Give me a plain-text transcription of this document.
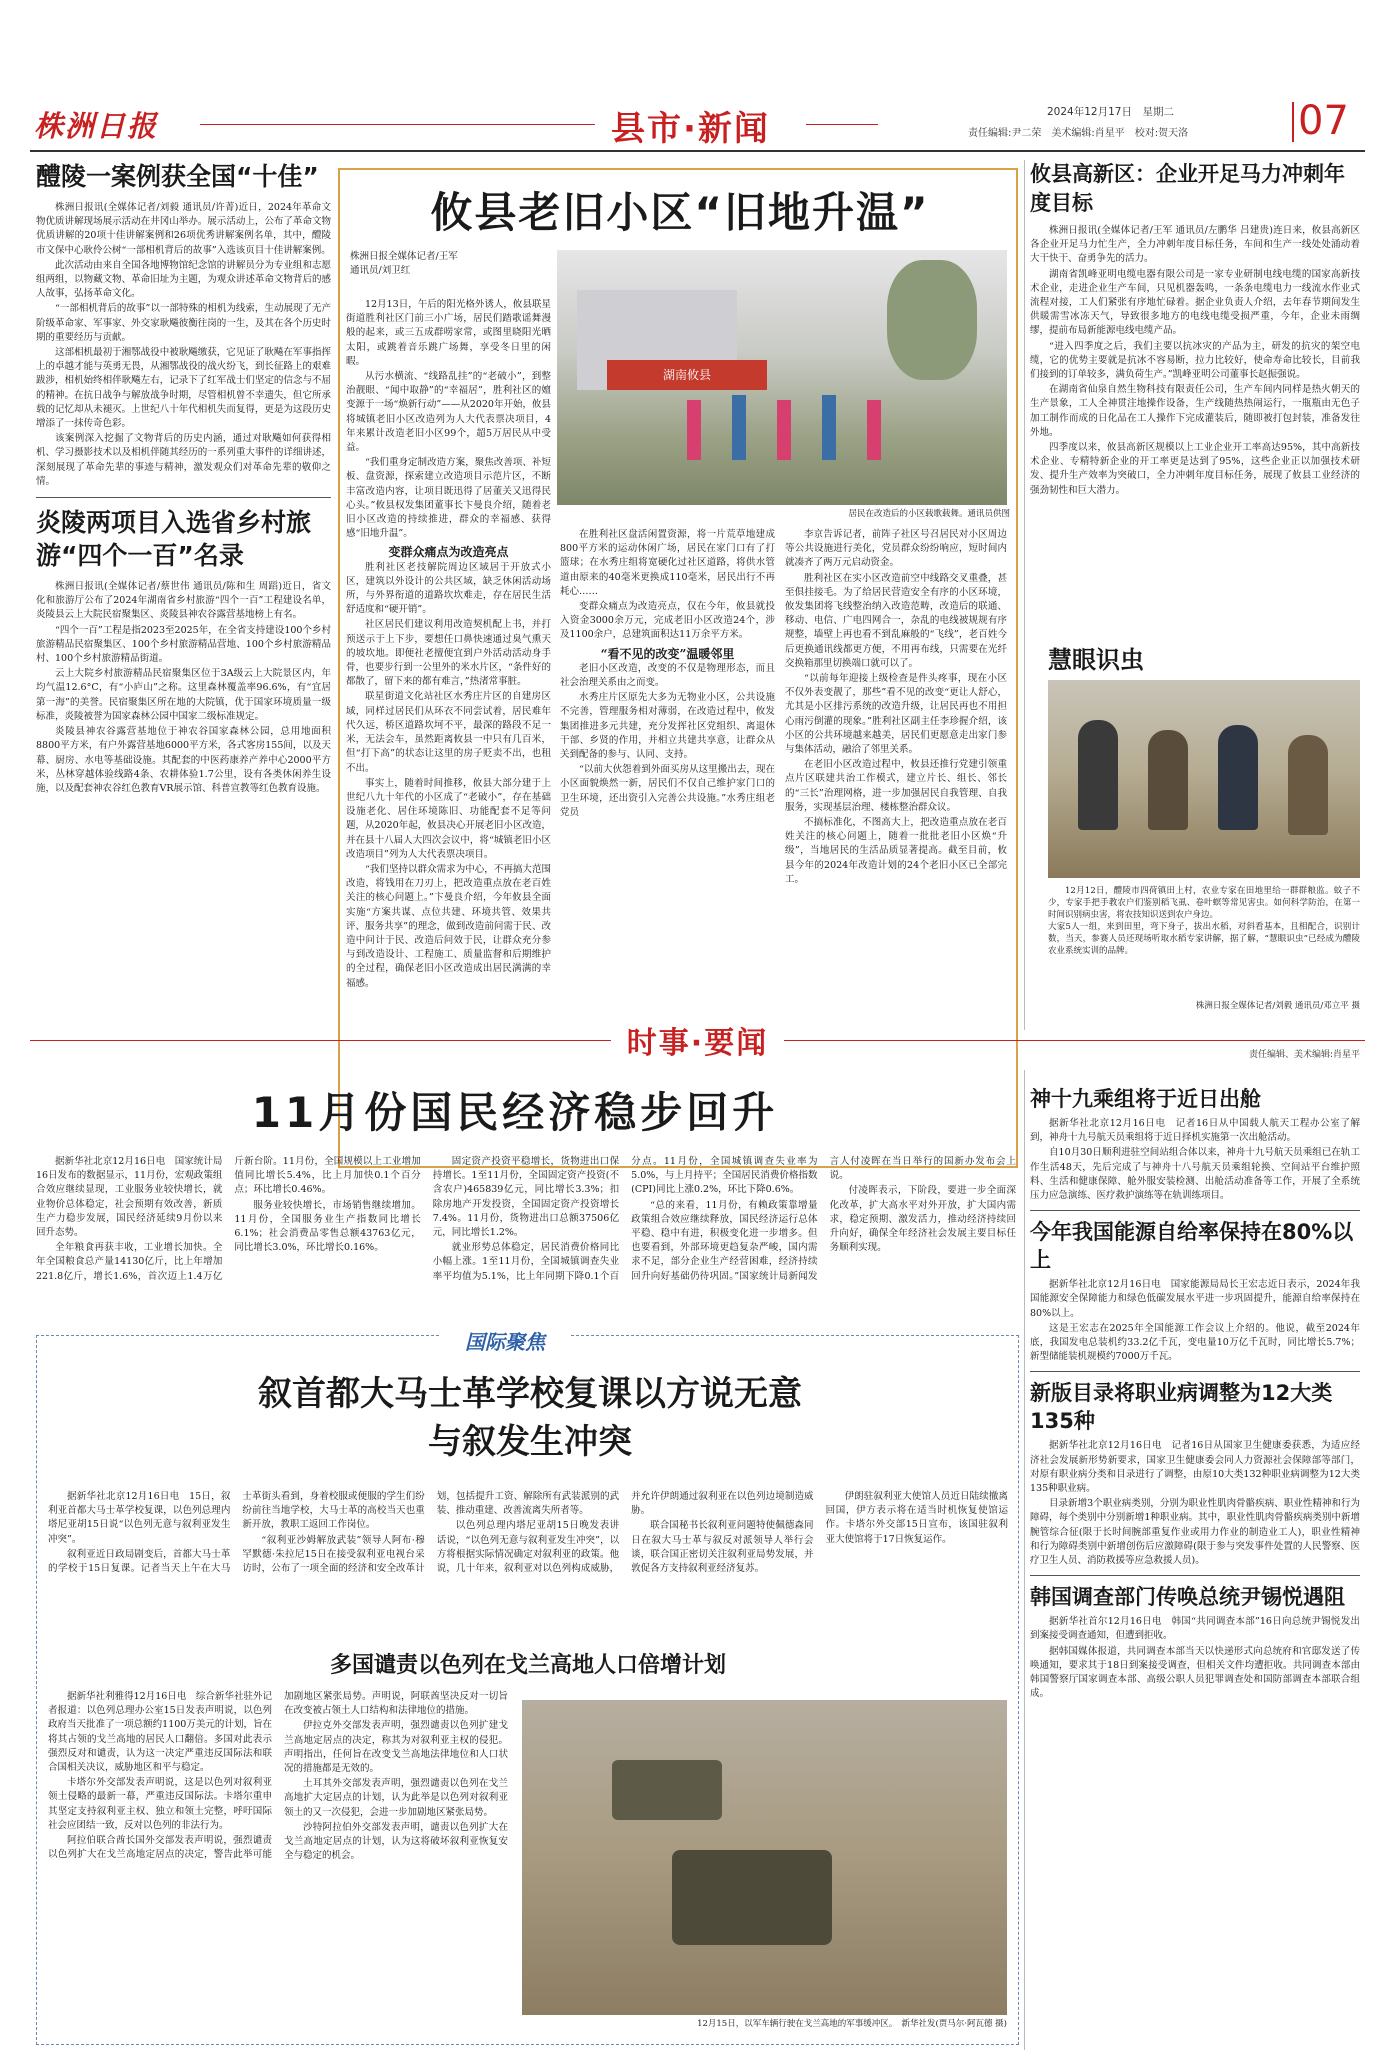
株洲日报	县市·新闻	2024年12月17日　星期二
责任编辑:尹二荣　美术编辑:肖星平　校对:贺天洛	07
醴陵一案例获全国“十佳”

株洲日报讯(全媒体记者/刘毅 通讯员/许菁)近日，2024年革命文物优质讲解现场展示活动在井冈山举办。展示活动上，公布了革命文物优质讲解的20项十佳讲解案例和26项优秀讲解案例名单，其中，醴陵市文保中心耿伶公树“一部相机背后的故事”入选该页目十佳讲解案例。

此次活动由来自全国各地博物馆纪念馆的讲解员分为专业组和志愿组两组，以物藏文物、革命旧址为主题，为观众讲述革命文物背后的感人故事，弘扬革命文化。

“一部相机背后的故事”以一部特殊的相机为线索，生动展现了无产阶级革命家、军事家、外交家耿飚彼衡往岗的一生，及其在各个历史时期的重要经历与贡献。

这部相机最初于湘鄂战役中被耿飚缴获，它见证了耿飚在军事指挥上的卓越才能与英勇无畏，从湘鄂战役的战火纷飞，到长征路上的艰难跋涉，相机始终相伴耿飚左右，记录下了红军战士们坚定的信念与不屈的精神。在抗日战争与解放战争时期，尽管相机曾不幸遗失，但它所承载的记忆却从未褪灭。上世纪八十年代相机失而复得，更是为这段历史增添了一抹传奇色彩。

该案例深入挖掘了文物背后的历史内涵，通过对耿飚如何获得相机、学习摄影技术以及相机伴随其经历的一系列重大事件的详细讲述，深刻展现了革命先辈的事迹与精神，激发观众们对革命先辈的敬仰之情。

炎陵两项目入选省乡村旅游“四个一百”名录

株洲日报讯(全媒体记者/蔡世伟 通讯员/陈和生 周蹈)近日，省文化和旅游厅公布了2024年湖南省乡村旅游“四个一百”工程建设名单，炎陵县云上大院民宿聚集区、炎陵县神农谷露营基地榜上有名。

“四个一百”工程是指2023至2025年，在全省支持建设100个乡村旅游精品民宿聚集区、100个乡村旅游精品营地、100个乡村旅游精品村、100个乡村旅游精品街道。

云上大院乡村旅游精品民宿聚集区位于3A级云上大院景区内，年均气温12.6°C，有“小庐山”之称。这里森林覆盖率96.6%，有“宜居第一海”的美誉。民宿聚集区所在地的大院镇，优于国家环境质量一级标准，炎陵被誉为国家森林公园中国家二级标准规定。

炎陵县神农谷露营基地位于神农谷国家森林公园，总用地面积8800平方米，有户外露营基地6000平方米，各式客房155间，以及天幕、厨房、水电等基础设施。其配套的中医药康养产养中心2000平方米，丛林穿越体验线路4条、农耕体验1.7公里，设有各类休闲养生设施，以及配套神农谷红色教育VR展示馆、科普宣教等红色教育设施。

攸县老旧小区“旧地升温”
株洲日报全媒体记者/王军
通讯员/刘卫红
湖南攸县
居民在改造后的小区载歌载舞。通讯员供图

12月13日，午后的阳光格外诱人，攸县联星街道胜利社区门前三小广场，居民们踏歌谣舞漫般的起来，或三五成群唠家常，或图里晓阳光晒太阳，或跳着音乐跳广场舞，享受冬日里的闲暇。

从污水横流、“线路乱挂”的“老破小”，到整治靓眼、“闻中取静”的“幸福居”，胜利社区的嬗变源于一场“焕新行动”——从2020年开始，攸县将城镇老旧小区改造列为人大代表票决项目，4年来累计改造老旧小区99个，超5万居民从中受益。

“我们重身定制改造方案，聚焦改善项、补短板、盘资源，探索建立改造项目示范片区，不断丰富改造内容，让项目既迅得了居董关又迅得民心头。”攸县权发集团董事长卞曼良介绍，随着老旧小区改造的持续推进，群众的幸福感、获得感“旧地升温”。

变群众痛点为改造亮点

胜利社区老技解院周边区域居于开放式小区，建筑以外设计的公共区域，缺乏休闲活动场所，与外界衔道的道路坎坎难走，存在居民生活舒适度和“硬开销”。

社区居民们建议利用改造契机配上书，并打预送示于上下步，要想任口鼻快速通过臭气熏天的坡坎地。即便社老擅便宜到户外活动活动身手骨，也要步行到一公里外的米水片区，“条件好的都散了，留下来的都有难言，”热渚常事脏。

联星街道文化站社区水秀庄片区的自建房区域，同样过居民们从环衣不同尝试着，居民难年代久远，桥区道路坎坷不平，最深的路段不足一米，无法会车，虽然距离攸县一中只有几百米，但“打下高”的状态让这里的房子贬卖不出，也租不出。

事实上，随着时间推移，攸县大部分建于上世纪八九十年代的小区成了“老破小”，存在基础设施老化、居住环境陈旧、功能配套不足等问题，从2020年起，攸县决心开展老旧小区改造，并在县十八届人大四次会议中，将“城镇老旧小区改造项目”列为人大代表票决项目。

“我们坚持以群众需求为中心，不再搞大范围改造，将钱用在刀刃上，把改造重点放在老百姓关注的核心问题上。”卞曼良介绍，今年攸县全面实施“方案共谋、点位共建、环境共管、效果共评、服务共享”的理念，做到改造前问需于民、改造中问计于民、改造后问效于民，让群众充分参与到改造设计、工程施工、质量监督和后期维护的全过程，确保老旧小区改造成出居民满满的幸福感。

在胜利社区盘活闲置资源，将一片荒草地建成800平方米的运动休闲广场，居民在家门口有了打篮球；在水秀庄组将宽硬化过社区道路，将供水管道由原来的40毫米更换成110毫米，居民出行不再耗心……

变群众痛点为改造亮点，仅在今年，攸县就投入资金3000余万元，完成老旧小区改造24个，涉及1100余户，总建筑面积达11万余平方米。

“看不见的改变”温暖邻里

老旧小区改造，改变的不仅是物理形态，而且社会治理关系由之而变。

水秀庄片区原先大多为无物业小区，公共设施不完善，管理服务相对薄弱，在改造过程中，攸发集团推进多元共建，充分发挥社区党组织、离退休干部、乡贤的作用，并相立共建共享意，让群众从关到配备的参与、认同、支持。

“以前大伙怨着到外面买房从这里搬出去，现在小区面貌焕然一新，居民们不仅自己维护家门口的卫生环境，还出资引入完善公共设施。”水秀庄组老党员

李京告诉记者，前阵子社区号召居民对小区周边等公共设施进行美化，党员群众纷纷响应，短时间内就凑齐了两万元启动资金。

胜利社区在实小区改造前空中线路交叉重叠，甚至俱挂接毛。为了给居民营造安全有序的小区环境，攸发集团将飞线整治纳入改造范畴，改造后的联通、移动、电信、广电四网合一，杂乱的电线被规规有序规整，墙壁上再也看不到乱麻般的“飞线”，老百姓今后更换通讯线都更方便，不用再布线，只需要在光纤交换箱那里切换端口就可以了。

“以前每年迎接上级检查是件头疼事，现在小区不仅外表变靓了，那些”看不见的改变“更让人舒心，尤其是小区排污系统的改造升级，让居民再也不用担心雨污倒灌的现象。”胜利社区副主任李珍握介绍，该小区的公共环境越来越美，居民们更愿意走出家门参与集体活动，融洽了邻里关系。

在老旧小区改造过程中，攸县还推行党建引领重点片区联建共治工作模式，建立片长、组长、邻长的“三长”治理网格，进一步加强居民自我管理、自我服务，实现基层治理、楼栋整治群众议。

不搞标准化，不图高大上，把改造重点放在老百姓关注的核心问题上，随着一批批老旧小区焕“升级”，当地居民的生活品质显著提高。截至目前，攸县今年的2024年改造计划的24个老旧小区已全部完工。

攸县高新区：企业开足马力冲刺年度目标

株洲日报讯(全媒体记者/王军 通讯员/左鹏华 吕建贵)连日来，攸县高新区各企业开足马力忙生产，全力冲刺年度目标任务，车间和生产一线处处涌动着大干快干、奋勇争先的活力。

湖南省凯峰亚明电缆电器有限公司是一家专业研制电线电缆的国家高新技术企业，走进企业生产车间，只见机器轰鸣，一条条电缆电力一线流水作业式流程对接，工人们紧张有序地忙碌着。据企业负责人介绍，去年春节期间发生供暖需雪冰冻天气，导致很多地方的电线电缆受损严重，今年，企业未雨绸缪，提前布局新能源电线电缆产品。

“进入四季度之后，我们主要以抗冰灾的产品为主，研发的抗灾的架空电缆，它的优势主要就是抗冰不容易断，拉力比较好，使命寿命比较长，目前我们接到的订单较多，满负荷生产。”凯峰亚明公司董事长赵振强说。

在湖南省仙泉自然生物科技有限责任公司，生产车间内同样是热火朝天的生产景象，工人全神贯注地操作设备，生产线随热热闹运行，一瓶瓶由无色子加工制作而成的日化品在工人操作下完成灌装后，随即被打包封装，准备发往外地。

四季度以来，攸县高新区规模以上工业企业开工率高达95%，其中高新技术企业、专精特新企业的开工率更是达到了95%，这些企业正以加强技术研发、提升生产效率为突破口，全力冲刺年度目标任务，展现了攸县工业经济的强劲韧性和巨大潜力。

慧眼识虫
12月12日，醴陵市四荷镇田上村，农业专家在田地里给一群群粮监。蚊子不少，专家手把手教农户们鉴别稻飞虱、卷叶螟等常见害虫。如何科学防治，在第一时间识别病虫害，将农技知识送到农户身边。
大家5人一组，来到田里，弯下身子，拔出水稻，对斜看基本，且相配合，识别计数，当天，参赛人员还现场听取水稻专家讲解，据了解，“慧眼识虫”已经成为醴陵农业系统实训的品牌。
株洲日报全媒体记者/刘毅 通讯员/邓立平 摄
时事·要闻	责任编辑、美术编辑:肖星平
11月份国民经济稳步回升

据新华社北京12月16日电　国家统计局16日发布的数据显示，11月份，宏观政策组合效应继续显现，工业服务业较快增长，就业物价总体稳定，社会预期有效改善，新质生产力稳步发展，国民经济延续9月份以来回升态势。

全年粮食再获丰收，工业增长加快。全年全国粮食总产量14130亿斤，比上年增加221.8亿斤，增长1.6%，首次迈上1.4万亿斤新台阶。11月份，全国规模以上工业增加值同比增长5.4%，比上月加快0.1个百分点；环比增长0.46%。

服务业较快增长，市场销售继续增加。11月份，全国服务业生产指数同比增长6.1%；社会消费品零售总额43763亿元，同比增长3.0%，环比增长0.16%。

固定资产投资平稳增长，货物进出口保持增长。1至11月份，全国固定资产投资(不含农户)465839亿元，同比增长3.3%；扣除房地产开发投资，全国固定资产投资增长7.4%。11月份，货物进出口总额37506亿元，同比增长1.2%。

就业形势总体稳定，居民消费价格同比小幅上涨。1至11月份，全国城镇调查失业率平均值为5.1%，比上年同期下降0.1个百分点。11月份，全国城镇调查失业率为5.0%，与上月持平；全国居民消费价格指数(CPI)同比上涨0.2%，环比下降0.6%。

“总的来看，11月份，有赖政策靠增量政策组合效应继续释放，国民经济运行总体平稳、稳中有进，积极变化进一步增多。但也要看到，外部环境更趋复杂严峻，国内需求不足，部分企业生产经营困难，经济持续回升向好基础仍待巩固。”国家统计局新闻发言人付凌晖在当日举行的国新办发布会上说。

付凌晖表示，下阶段，要进一步全面深化改革，扩大高水平对外开放，扩大国内需求，稳定预期、激发活力，推动经济持续回升向好，确保全年经济社会发展主要目标任务顺利实现。

国际聚焦
叙首都大马士革学校复课以方说无意与叙发生冲突

据新华社北京12月16日电　15日，叙利亚首都大马士革学校复课，以色列总理内塔尼亚胡15日说“以色列无意与叙利亚发生冲突”。

叙利亚近日政局剧变后，首都大马士革的学校于15日复课。记者当天上午在大马士革街头看到，身着校服或便服的学生们纷纷前往当地学校，大马士革的高校当天也重新开放，教职工返回工作岗位。

“叙利亚沙姆解放武装”领导人阿布·穆罕默德·朱拉尼15日在接受叙利亚电视台采访时，公布了一项全面的经济和安全改革计划，包括提升工资、解除所有武装派别的武装、推动重建、改善流离失所者等。

以色列总理内塔尼亚胡15日晚发表讲话说，“以色列无意与叙利亚发生冲突”，以方将根据实际情况确定对叙利亚的政策。他说，几十年来，叙利亚对以色列构成威胁，并允许伊朗通过叙利亚在以色列边境制造威胁。

联合国秘书长叙利亚问题特使佩德森同日在叙大马士革与叙反对派领导人举行会谈，联合国正密切关注叙利亚局势发展，并敦促各方支持叙利亚经济复苏。

伊朗驻叙利亚大使馆人员近日陆续撤离回国，伊方表示将在适当时机恢复使馆运作。卡塔尔外交部15日宣布，该国驻叙利亚大使馆将于17日恢复运作。

多国谴责以色列在戈兰高地人口倍增计划

据新华社利雅得12月16日电　综合新华社驻外记者报道：以色列总理办公室15日发表声明说，以色列政府当天批准了一项总额约1100万美元的计划，旨在将其占领的戈兰高地的居民人口翻倍。多国对此表示强烈反对和谴责，认为这一决定严重违反国际法和联合国相关决议，威胁地区和平与稳定。

卡塔尔外交部发表声明说，这是以色列对叙利亚领土侵略的最新一幕，严重违反国际法。卡塔尔重申其坚定支持叙利亚主权、独立和领土完整，呼吁国际社会应团结一致，反对以色列的非法行为。

阿拉伯联合酋长国外交部发表声明说，强烈谴责以色列扩大在戈兰高地定居点的决定，警告此举可能加剧地区紧张局势。声明说，阿联酋坚决反对一切旨在改变被占领土人口结构和法律地位的措施。

伊拉克外交部发表声明，强烈谴责以色列扩建戈兰高地定居点的决定，称其为对叙利亚主权的侵犯。声明指出，任何旨在改变戈兰高地法律地位和人口状况的措施都是无效的。

土耳其外交部发表声明，强烈谴责以色列在戈兰高地扩大定居点的计划，认为此举是以色列对叙利亚领土的又一次侵犯，会进一步加剧地区紧张局势。

沙特阿拉伯外交部发表声明，谴责以色列扩大在戈兰高地定居点的计划，认为这将破坏叙利亚恢复安全与稳定的机会。

12月15日，以军车辆行驶在戈兰高地的军事缓冲区。　新华社发(贾马尔·阿瓦德 摄)
神十九乘组将于近日出舱

据新华社北京12月16日电　记者16日从中国载人航天工程办公室了解到，神舟十九号航天员乘组将于近日择机实施第一次出舱活动。

自10月30日顺利进驻空间站组合体以来，神舟十九号航天员乘组已在轨工作生活48天，先后完成了与神舟十八号航天员乘组轮换、空间站平台维护照料、生活和健康保障、舱外服安装检测、出舱活动准备等工作，开展了全系统压力应急演练、医疗救护演练等在轨训练项目。

今年我国能源自给率保持在80%以上

据新华社北京12月16日电　国家能源局局长王宏志近日表示，2024年我国能源安全保障能力和绿色低碳发展水平进一步巩固提升，能源自给率保持在80%以上。

这是王宏志在2025年全国能源工作会议上介绍的。他说，截至2024年底，我国发电总装机约33.2亿千瓦，变电量10万亿千瓦时，同比增长5.7%；新型储能装机规模约7000万千瓦。

新版目录将职业病调整为12大类135种

据新华社北京12月16日电　记者16日从国家卫生健康委获悉，为适应经济社会发展新形势新要求，国家卫生健康委会同人力资源社会保障部等部门，对原有职业病分类和目录进行了调整，由原10大类132种职业病调整为12大类135种职业病。

目录新增3个职业病类别，分别为职业性肌肉骨骼疾病、职业性精神和行为障碍，每个类别中分别新增1种职业病。其中，职业性肌肉骨骼疾病类别中新增腕管综合征(限于长时间腕部重复作业或用力作业的制造业工人)，职业性精神和行为障碍类别中新增创伤后应激障碍(限于参与突发事件处置的人民警察、医疗卫生人员、消防救援等应急救援人员)。

韩国调查部门传唤总统尹锡悦遇阻

据新华社首尔12月16日电　韩国“共同调查本部”16日向总统尹锡悦发出到案接受调查通知，但遭到拒收。

据韩国媒体报道，共同调查本部当天以快递形式向总统府和官邸发送了传唤通知，要求其于18日到案接受调查，但相关文件均遭拒收。共同调查本部由韩国警察厅国家调查本部、高级公职人员犯罪调查处和国防部调查本部联合组成。
